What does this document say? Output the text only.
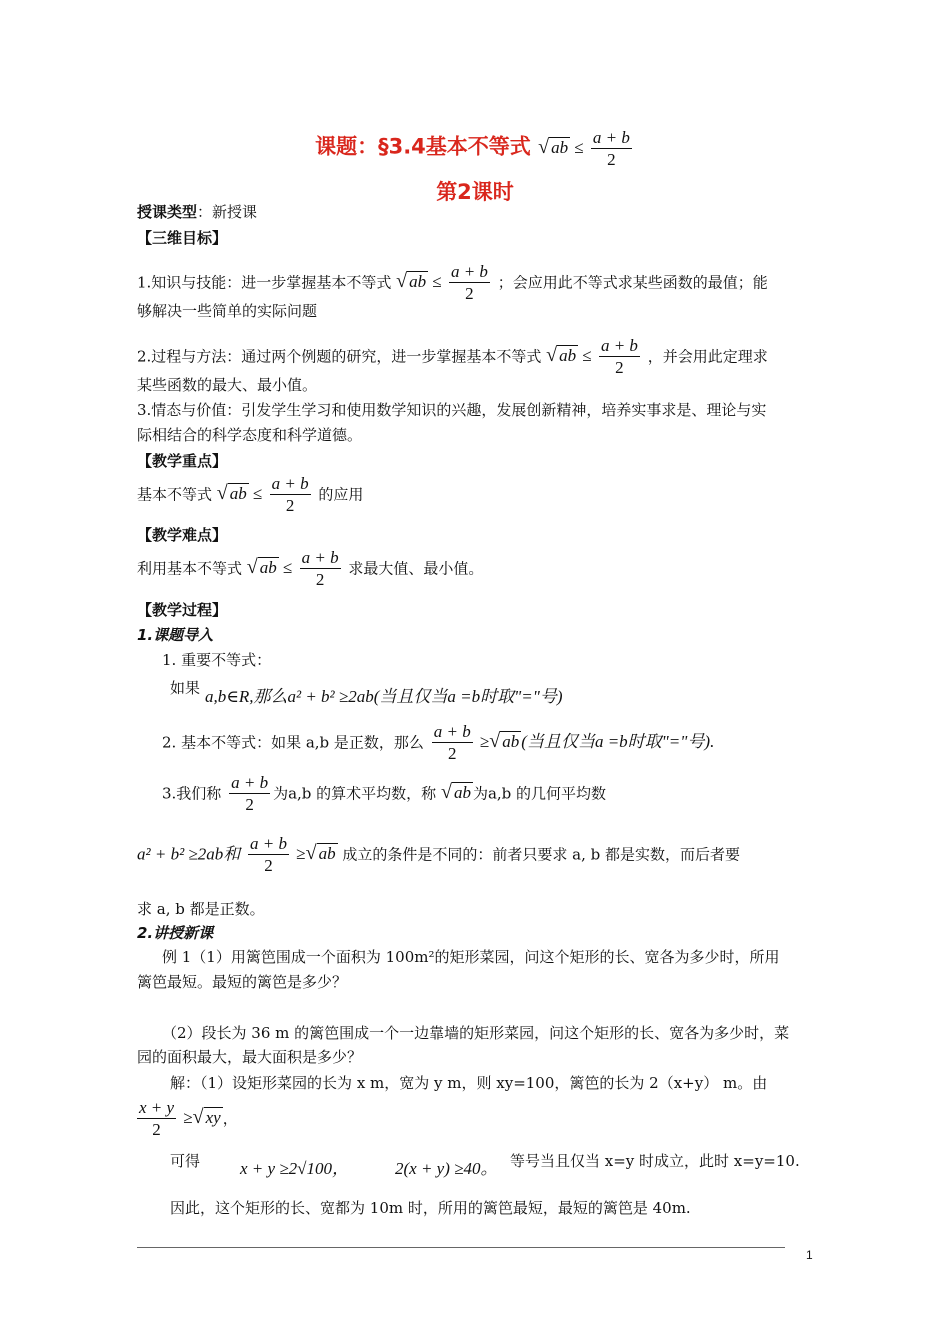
课题：§3.4基本不等式 √ ab ≤ $\frac{a + b}{2}$
第2课时
授课类型：新授课
【三维目标】
1.知识与技能：进一步掌握基本不等式 √ ab ≤ $\frac{a + b}{2}$ ；会应用此不等式求某些函数的最值；能
够解决一些简单的实际问题
2.过程与方法：通过两个例题的研究，进一步掌握基本不等式 √ ab ≤ $\frac{a + b}{2}$ ，并会用此定理求
某些函数的最大、最小值。
3.情态与价值：引发学生学习和使用数学知识的兴趣，发展创新精神，培养实事求是、理论与实
际相结合的科学态度和科学道德。
【教学重点】
基本不等式 √ ab ≤ $\frac{a + b}{2}$ 的应用
【教学难点】
利用基本不等式 √ ab ≤ $\frac{a + b}{2}$ 求最大值、最小值。
【教学过程】
1.课题导入
1. 重要不等式：
如果 a,b∈R,那么a² + b² ≥2ab(当且仅当a =b时取"="号)
2. 基本不等式：如果 a,b 是正数，那么 $\frac{a + b}{2}$ ≥√ ab (当且仅当a =b时取"="号).
3.我们称 $\frac{a + b}{2}$ 为a,b 的算术平均数，称 √ ab 为a,b 的几何平均数
a² + b² ≥2ab和 $\frac{a + b}{2}$ ≥√ ab 成立的条件是不同的：前者只要求 a, b 都是实数，而后者要
求 a, b 都是正数。
2.讲授新课
例 1（1）用篱笆围成一个面积为 100m²的矩形菜园，问这个矩形的长、宽各为多少时，所用
篱笆最短。最短的篱笆是多少？
（2）段长为 36 m 的篱笆围成一个一边靠墙的矩形菜园，问这个矩形的长、宽各为多少时，菜
园的面积最大，最大面积是多少？
解：（1）设矩形菜园的长为 x m，宽为 y m，则 xy=100，篱笆的长为 2（x+y） m。由
$\frac{x + y}{2}$ ≥√ xy ，
可得 x + y ≥2√100，	2(x + y) ≥40。 等号当且仅当 x=y 时成立，此时 x=y=10.
因此，这个矩形的长、宽都为 10m 时，所用的篱笆最短，最短的篱笆是 40m.
1
